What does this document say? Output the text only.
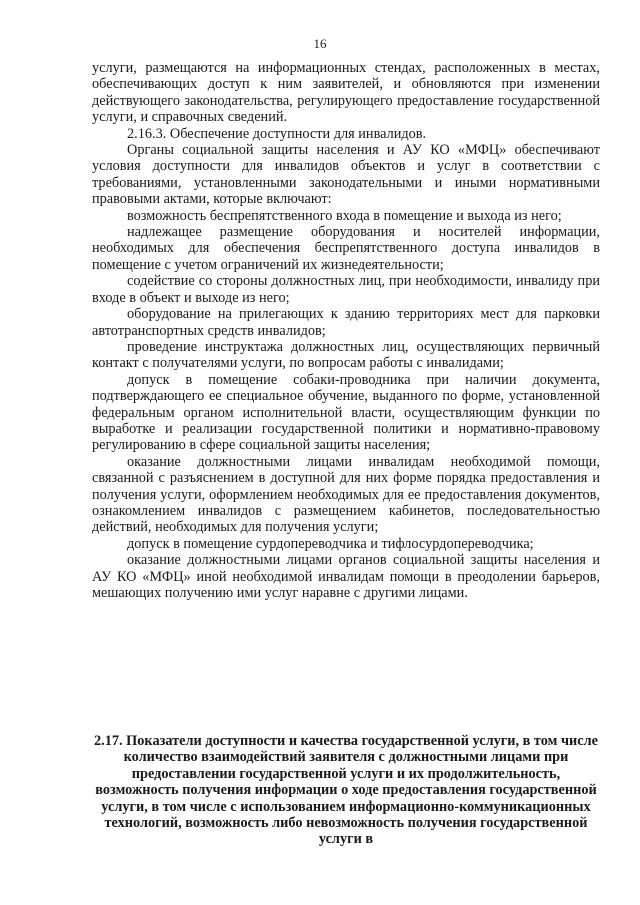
16

услуги, размещаются на информационных стендах, расположенных в местах, обеспечивающих доступ к ним заявителей, и обновляются при изменении действующего законодательства, регулирующего предоставление государственной услуги, и справочных сведений.

2.16.3. Обеспечение доступности для инвалидов.

Органы социальной защиты населения и АУ КО «МФЦ» обеспечивают условия доступности для инвалидов объектов и услуг в соответствии с требованиями, установленными законодательными и иными нормативными правовыми актами, которые включают:

возможность беспрепятственного входа в помещение и выхода из него;

надлежащее размещение оборудования и носителей информации, необходимых для обеспечения беспрепятственного доступа инвалидов в помещение с учетом ограничений их жизнедеятельности;

содействие со стороны должностных лиц, при необходимости, инвалиду при входе в объект и выходе из него;

оборудование на прилегающих к зданию территориях мест для парковки автотранспортных средств инвалидов;

проведение инструктажа должностных лиц, осуществляющих первичный контакт с получателями услуги, по вопросам работы с инвалидами;

допуск в помещение собаки-проводника при наличии документа, подтверждающего ее специальное обучение, выданного по форме, установленной федеральным органом исполнительной власти, осуществляющим функции по выработке и реализации государственной политики и нормативно-правовому регулированию в сфере социальной защиты населения;

оказание должностными лицами инвалидам необходимой помощи, связанной с разъяснением в доступной для них форме порядка предоставления и получения услуги, оформлением необходимых для ее предоставления документов, ознакомлением инвалидов с размещением кабинетов, последовательностью действий, необходимых для получения услуги;

допуск в помещение сурдопереводчика и тифлосурдопереводчика;

оказание должностными лицами органов социальной защиты населения и АУ КО «МФЦ» иной необходимой инвалидам помощи в преодолении барьеров, мешающих получению ими услуг наравне с другими лицами.

2.17. Показатели доступности и качества государственной услуги, в том числе количество взаимодействий заявителя с должностными лицами при предоставлении государственной услуги и их продолжительность, возможность получения информации о ходе предоставления государственной услуги, в том числе с использованием информационно-коммуникационных технологий, возможность либо невозможность получения государственной услуги в
